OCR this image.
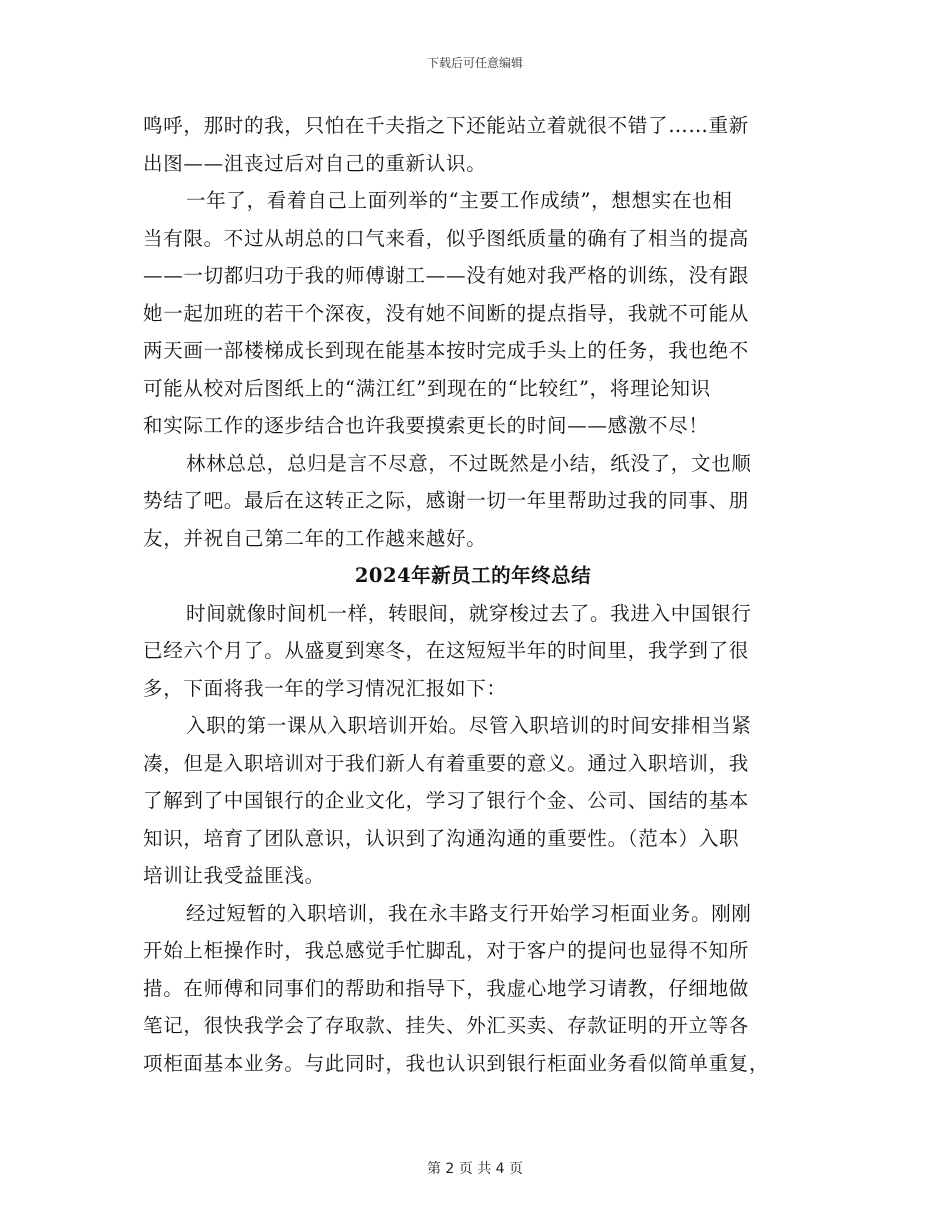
下载后可任意编辑
鸣呼，那时的我，只怕在千夫指之下还能站立着就很不错了……重新
出图——沮丧过后对自己的重新认识。
一年了，看着自己上面列举的“主要工作成绩”，想想实在也相
当有限。不过从胡总的口气来看，似乎图纸质量的确有了相当的提高
——一切都归功于我的师傅谢工——没有她对我严格的训练，没有跟
她一起加班的若干个深夜，没有她不间断的提点指导，我就不可能从
两天画一部楼梯成长到现在能基本按时完成手头上的任务，我也绝不
可能从校对后图纸上的“满江红”到现在的“比较红”，将理论知识
和实际工作的逐步结合也许我要摸索更长的时间——感激不尽！
林林总总，总归是言不尽意，不过既然是小结，纸没了，文也顺
势结了吧。最后在这转正之际，感谢一切一年里帮助过我的同事、朋
友，并祝自己第二年的工作越来越好。
2024年新员工的年终总结
时间就像时间机一样，转眼间，就穿梭过去了。我进入中国银行
已经六个月了。从盛夏到寒冬，在这短短半年的时间里，我学到了很
多，下面将我一年的学习情况汇报如下：
入职的第一课从入职培训开始。尽管入职培训的时间安排相当紧
凑，但是入职培训对于我们新人有着重要的意义。通过入职培训，我
了解到了中国银行的企业文化，学习了银行个金、公司、国结的基本
知识，培育了团队意识，认识到了沟通沟通的重要性。（范本）入职
培训让我受益匪浅。
经过短暂的入职培训，我在永丰路支行开始学习柜面业务。刚刚
开始上柜操作时，我总感觉手忙脚乱，对于客户的提问也显得不知所
措。在师傅和同事们的帮助和指导下，我虚心地学习请教，仔细地做
笔记，很快我学会了存取款、挂失、外汇买卖、存款证明的开立等各
项柜面基本业务。与此同时，我也认识到银行柜面业务看似简单重复，
第 2 页 共 4 页
